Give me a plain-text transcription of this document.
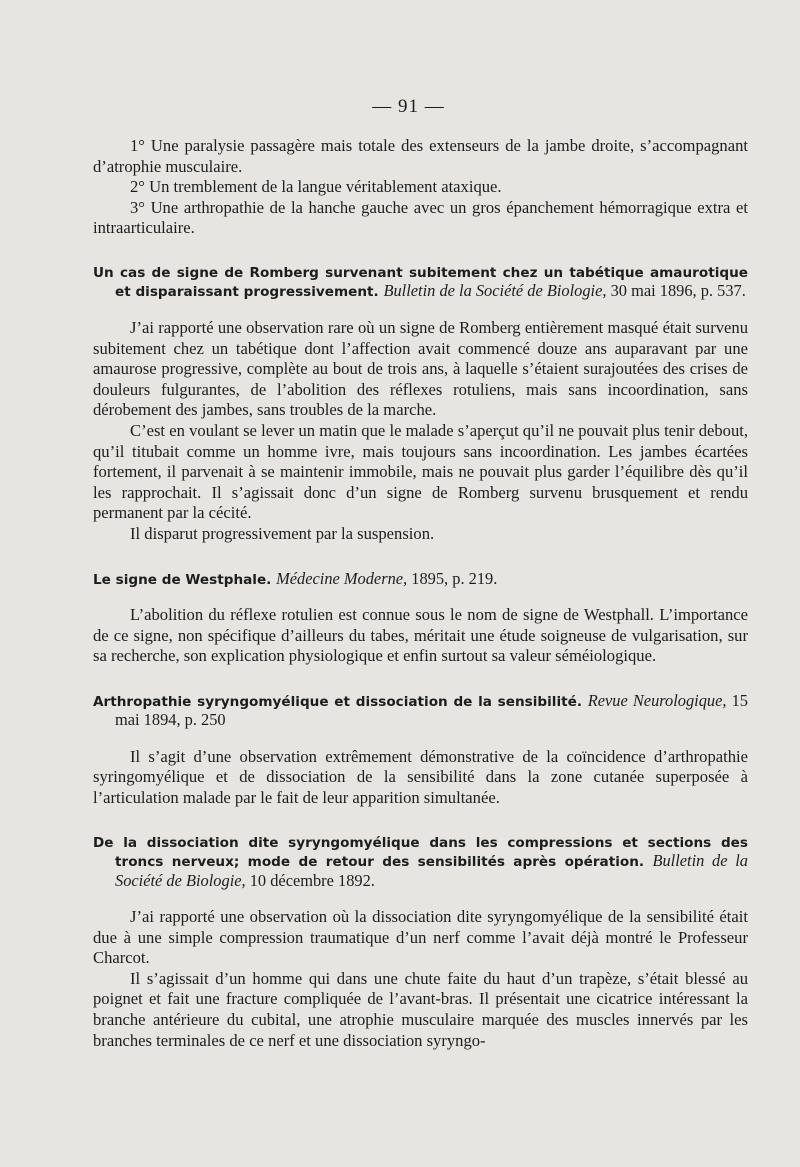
— 91 —

1° Une paralysie passagère mais totale des extenseurs de la jambe droite, s’accompagnant d’atrophie musculaire.

2° Un tremblement de la langue véritablement ataxique.

3° Une arthropathie de la hanche gauche avec un gros épanchement hémorragique extra et intraarticulaire.

Un cas de signe de Romberg survenant subitement chez un tabétique amaurotique et disparaissant progressivement. Bulletin de la Société de Biologie, 30 mai 1896, p. 537.

J’ai rapporté une observation rare où un signe de Romberg entièrement masqué était survenu subitement chez un tabétique dont l’affection avait commencé douze ans auparavant par une amaurose progressive, complète au bout de trois ans, à laquelle s’étaient surajoutées des crises de douleurs fulgurantes, de l’abolition des réflexes rotuliens, mais sans incoordination, sans dérobement des jambes, sans troubles de la marche.

C’est en voulant se lever un matin que le malade s’aperçut qu’il ne pouvait plus tenir debout, qu’il titubait comme un homme ivre, mais toujours sans incoordination. Les jambes écartées fortement, il parvenait à se maintenir immobile, mais ne pouvait plus garder l’équilibre dès qu’il les rapprochait. Il s’agissait donc d’un signe de Romberg survenu brusquement et rendu permanent par la cécité.

Il disparut progressivement par la suspension.

Le signe de Westphale. Médecine Moderne, 1895, p. 219.

L’abolition du réflexe rotulien est connue sous le nom de signe de Westphall. L’importance de ce signe, non spécifique d’ailleurs du tabes, méritait une étude soigneuse de vulgarisation, sur sa recherche, son explication physiologique et enfin surtout sa valeur séméiologique.

Arthropathie syryngomyélique et dissociation de la sensibilité. Revue Neurologique, 15 mai 1894, p. 250

Il s’agit d’une observation extrêmement démonstrative de la coïncidence d’arthropathie syringomyélique et de dissociation de la sensibilité dans la zone cutanée superposée à l’articulation malade par le fait de leur apparition simultanée.

De la dissociation dite syryngomyélique dans les compressions et sections des troncs nerveux; mode de retour des sensibilités après opération. Bulletin de la Société de Biologie, 10 décembre 1892.

J’ai rapporté une observation où la dissociation dite syryngomyélique de la sensibilité était due à une simple compression traumatique d’un nerf comme l’avait déjà montré le Professeur Charcot.

Il s’agissait d’un homme qui dans une chute faite du haut d’un trapèze, s’était blessé au poignet et fait une fracture compliquée de l’avant-bras. Il présentait une cicatrice intéressant la branche antérieure du cubital, une atrophie musculaire marquée des muscles innervés par les branches terminales de ce nerf et une dissociation syryngo-
